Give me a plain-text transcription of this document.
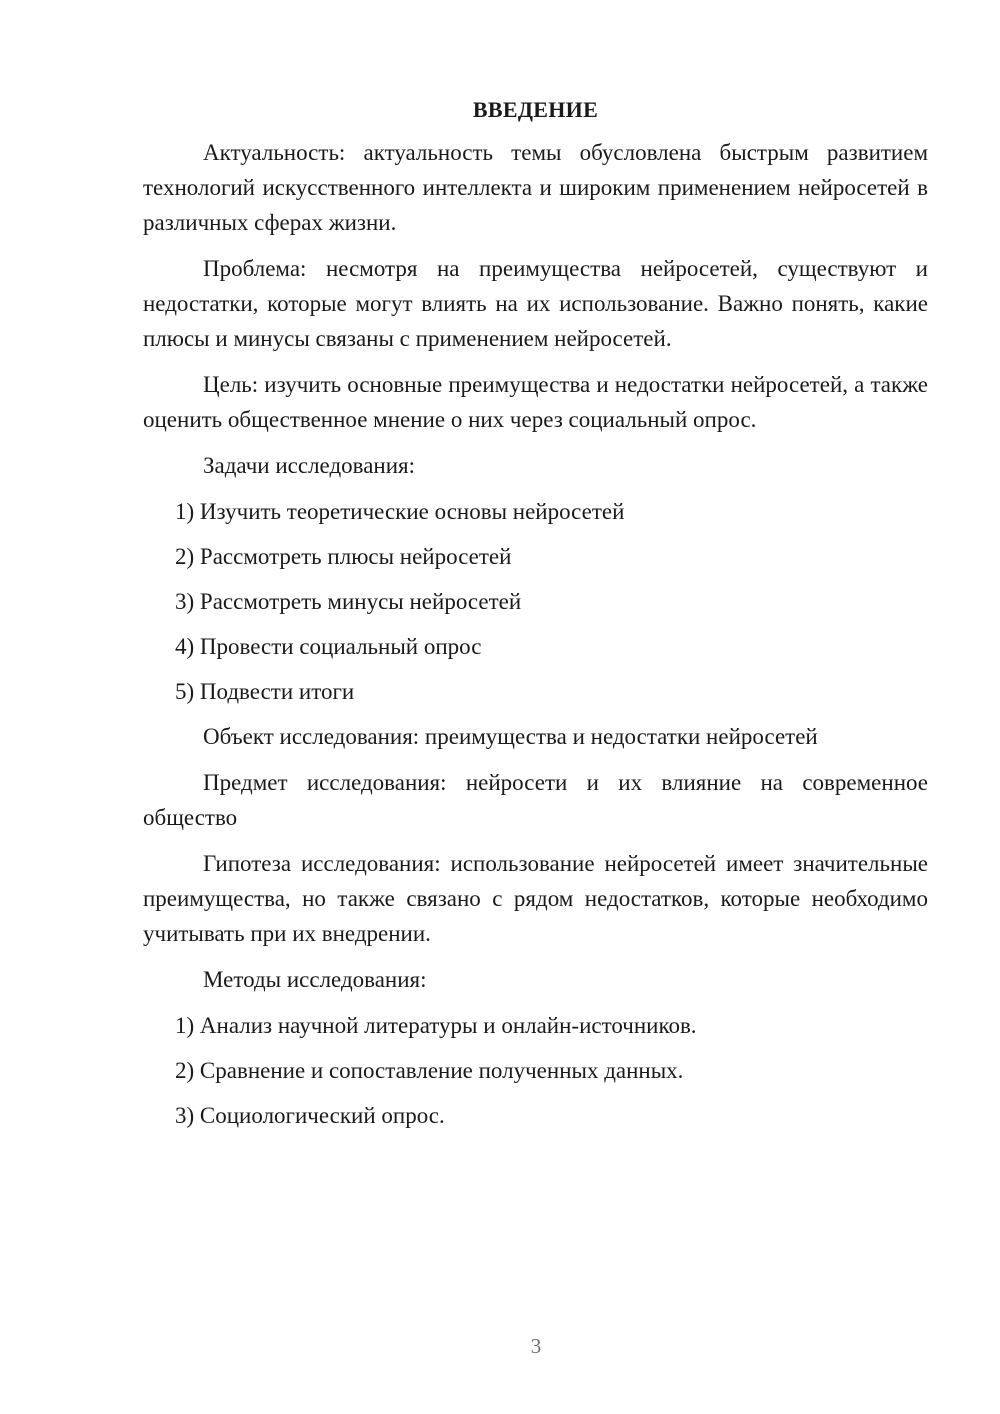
ВВЕДЕНИЕ

Актуальность: актуальность темы обусловлена быстрым развитием технологий искусственного интеллекта и широким применением нейросетей в различных сферах жизни.

Проблема: несмотря на преимущества нейросетей, существуют и недостатки, которые могут влиять на их использование. Важно понять, какие плюсы и минусы связаны с применением нейросетей.

Цель: изучить основные преимущества и недостатки нейросетей, а также оценить общественное мнение о них через социальный опрос.

Задачи исследования:

1) Изучить теоретические основы нейросетей
2) Рассмотреть плюсы нейросетей
3) Рассмотреть минусы нейросетей
4) Провести социальный опрос
5) Подвести итоги

Объект исследования: преимущества и недостатки нейросетей

Предмет исследования: нейросети и их влияние на современное общество

Гипотеза исследования: использование нейросетей имеет значительные преимущества, но также связано с рядом недостатков, которые необходимо учитывать при их внедрении.

Методы исследования:

1) Анализ научной литературы и онлайн-источников.
2) Сравнение и сопоставление полученных данных.
3) Социологический опрос.
3
